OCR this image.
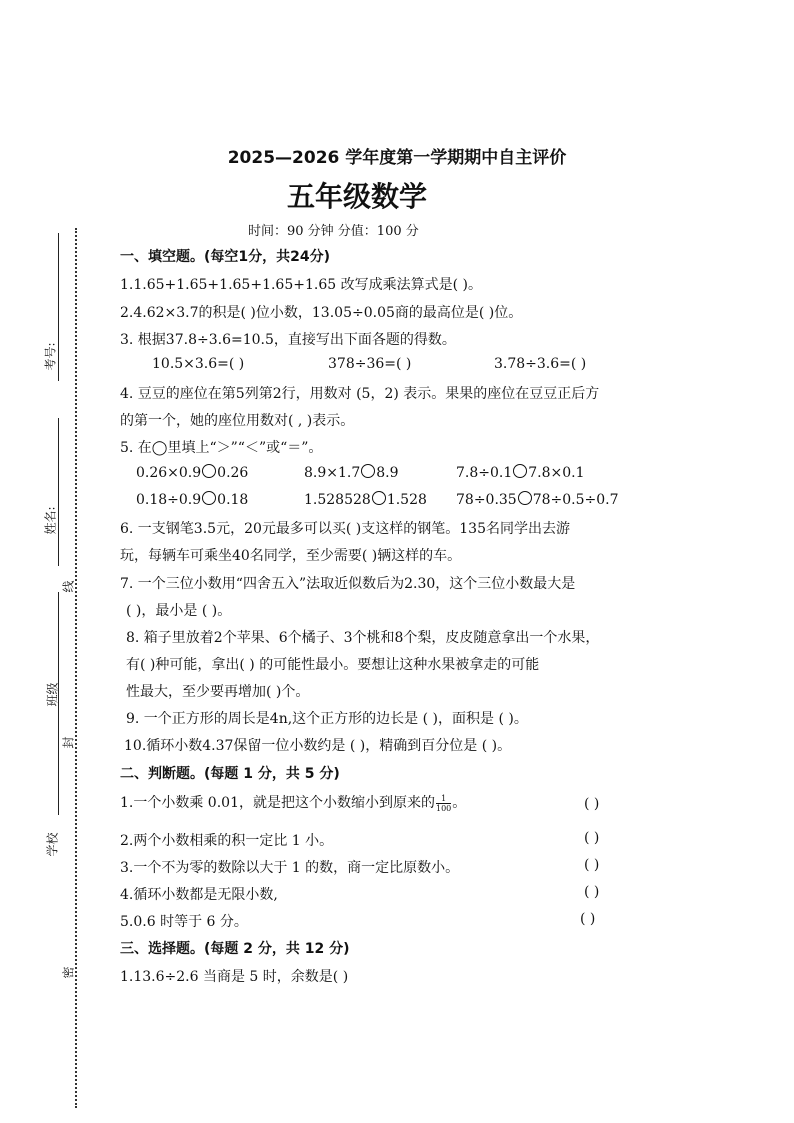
2025—2026 学年度第一学期期中自主评价
五年级数学
时间：90 分钟 分值：100 分
考号:
姓名:
班级
学校
线
封
密
一、填空题。(每空1分，共24分)
1.1.65+1.65+1.65+1.65+1.65 改写成乘法算式是( )。
2.4.62×3.7的积是( )位小数，13.05÷0.05商的最高位是( )位。
3. 根据37.8÷3.6=10.5，直接写出下面各题的得数。
10.5×3.6=( )	378÷36=( )	3.78÷3.6=( )
4. 豆豆的座位在第5列第2行，用数对 (5，2) 表示。果果的座位在豆豆正后方
的第一个，她的座位用数对( , )表示。
5. 在◯里填上“＞”“＜”或“＝”。
0.26×0.9 0.26	8.9×1.7 8.9	7.8÷0.1 7.8×0.1
0.18÷0.9 0.18	1.528528 1.528 78÷0.35 78÷0.5÷0.7
6. 一支钢笔3.5元，20元最多可以买( )支这样的钢笔。135名同学出去游
玩，每辆车可乘坐40名同学，至少需要( )辆这样的车。
7. 一个三位小数用“四舍五入”法取近似数后为2.30，这个三位小数最大是
( )，最小是 ( )。
8. 箱子里放着2个苹果、6个橘子、3个桃和8个梨，皮皮随意拿出一个水果，
有( )种可能，拿出( ) 的可能性最小。要想让这种水果被拿走的可能
性最大，至少要再增加( )个。
9. 一个正方形的周长是4n,这个正方形的边长是 ( )，面积是 ( )。
10.循环小数4.37保留一位小数约是 ( )，精确到百分位是 ( )。
二、判断题。(每题 1 分，共 5 分)
1.一个小数乘 0.01，就是把这个小数缩小到原来的 $\frac{1}{100}$ 。	( )
2.两个小数相乘的积一定比 1 小。	( )
3.一个不为零的数除以大于 1 的数，商一定比原数小。	( )
4.循环小数都是无限小数,	( )
5.0.6 时等于 6 分。	( )
三、选择题。(每题 2 分，共 12 分)
1.13.6÷2.6 当商是 5 时，余数是( )
